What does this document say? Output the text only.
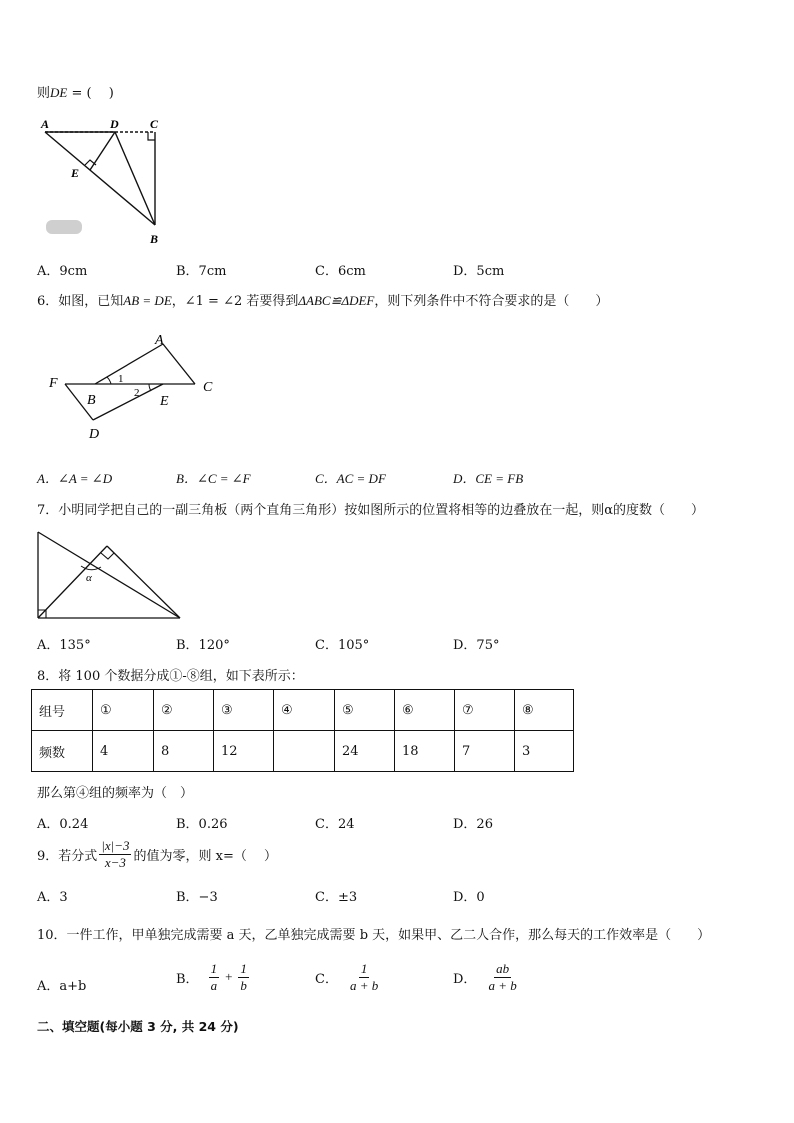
则DE = (　 )
A	D	C
E
B
A．9cm	B．7cm	C．6cm	D．5cm
6．如图，已知AB = DE，∠1 = ∠2 若要得到ΔABC≌ΔDEF，则下列条件中不符合要求的是（　　）
A
F	C
B	E
D
1
2
A．∠A = ∠D	B．∠C = ∠F	C．AC = DF	D．CE = FB
7．小明同学把自己的一副三角板（两个直角三角形）按如图所示的位置将相等的边叠放在一起，则α的度数（　　）
α
A．135°	B．120°	C．105°	D．75°
8．将 100 个数据分成①-⑧组，如下表所示：
组号	①	②	③	④	⑤	⑥	⑦	⑧
频数	4	8	12		24	18	7	3
那么第④组的频率为（　）
A．0.24	B．0.26	C．24	D．26
9．若分式 $\frac{|x|-3}{x-3}$ 的值为零，则 x=（　 ）
A．3	B．−3	C．±3	D．0
10．一件工作，甲单独完成需要 a 天，乙单独完成需要 b 天，如果甲、乙二人合作，那么每天的工作效率是（　　）
A．a+b	B． $\frac{1}{a} + \frac{1}{b}$	C． $\frac{1}{a + b}$	D． $\frac{ab}{a + b}$
二、填空题(每小题 3 分, 共 24 分)
